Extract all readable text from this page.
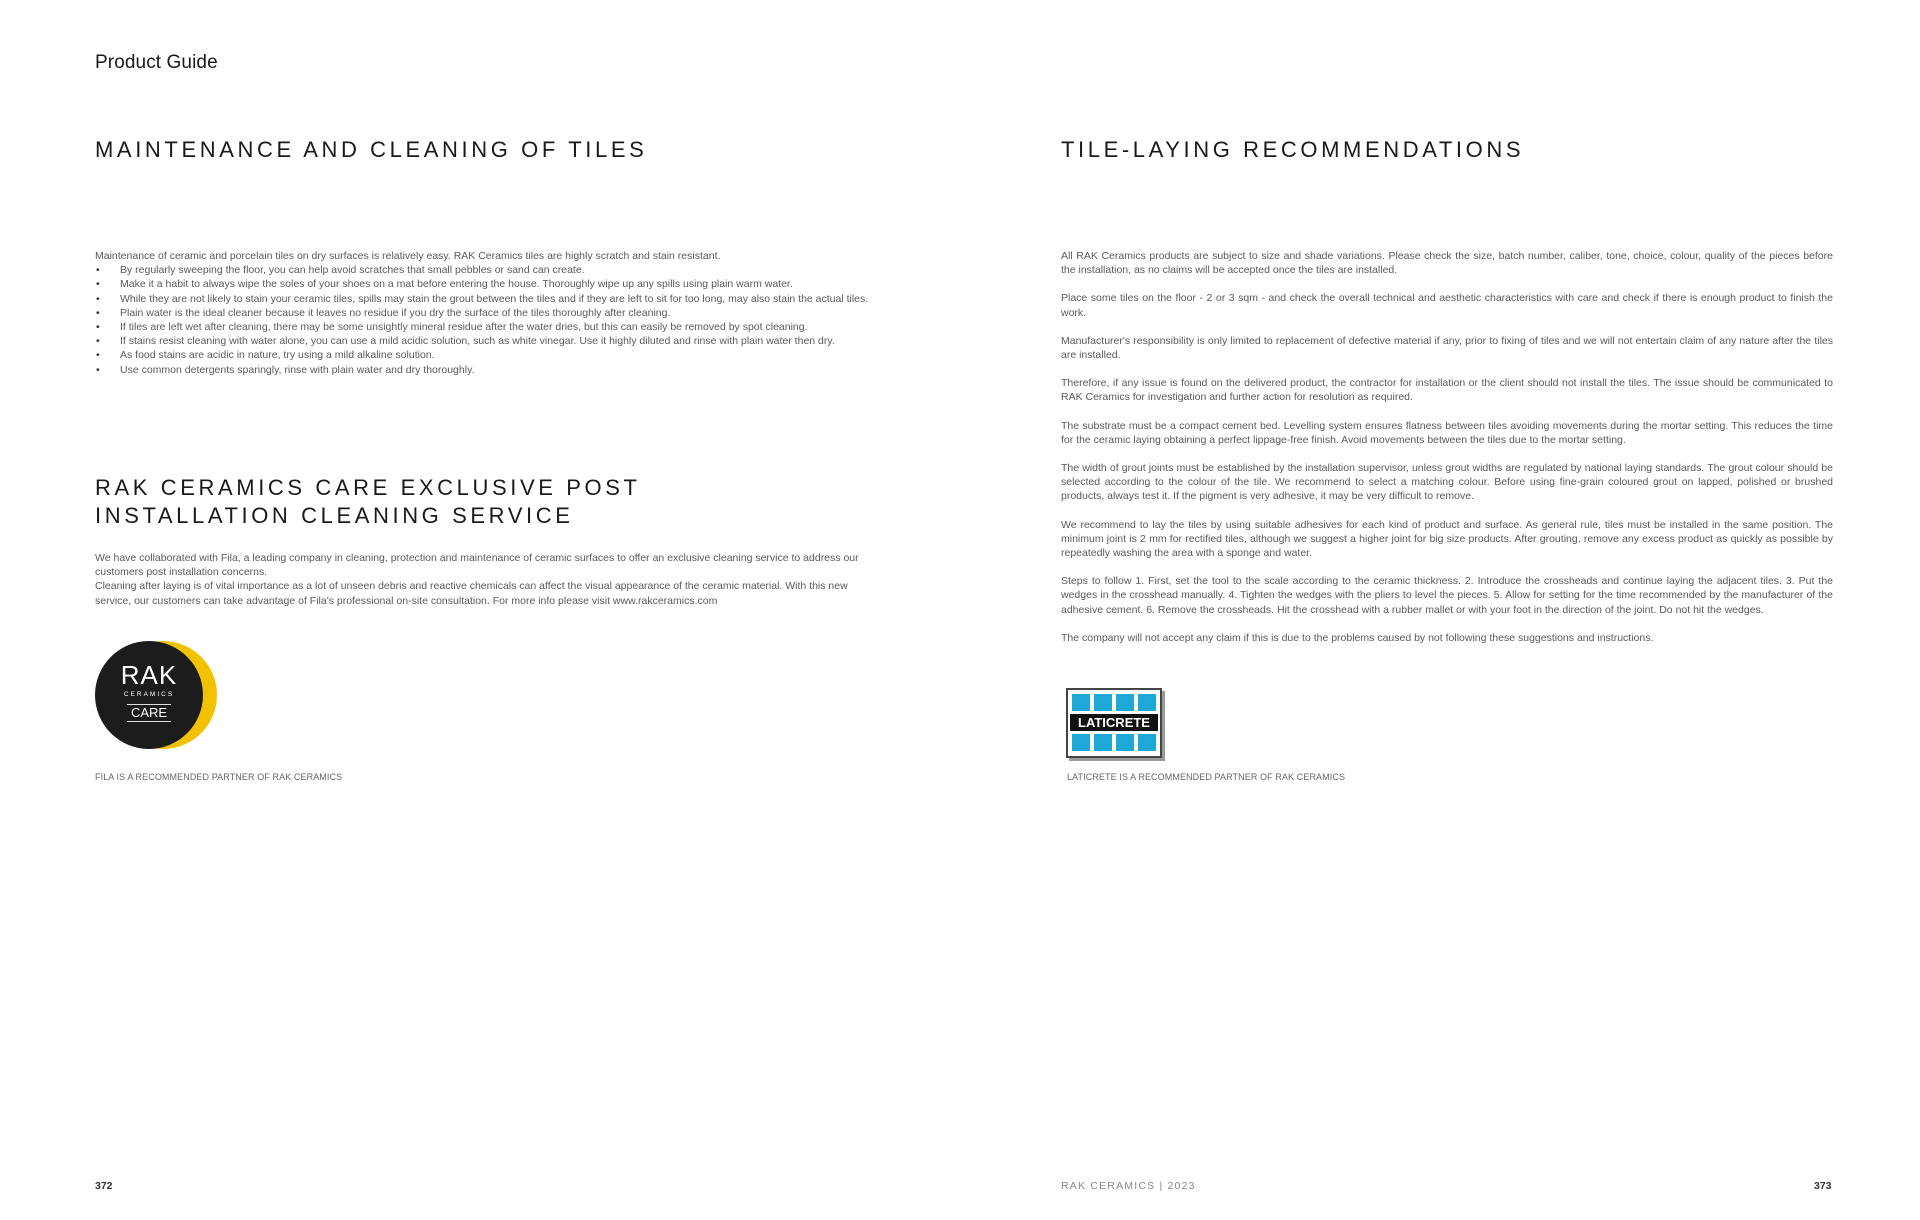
Product Guide
MAINTENANCE AND CLEANING OF TILES

Maintenance of ceramic and porcelain tiles on dry surfaces is relatively easy. RAK Ceramics tiles are highly scratch and stain resistant.

• By regularly sweeping the floor, you can help avoid scratches that small pebbles or sand can create.
• Make it a habit to always wipe the soles of your shoes on a mat before entering the house. Thoroughly wipe up any spills using plain warm water.
• While they are not likely to stain your ceramic tiles, spills may stain the grout between the tiles and if they are left to sit for too long, may also stain the actual tiles.
• Plain water is the ideal cleaner because it leaves no residue if you dry the surface of the tiles thoroughly after cleaning.
• If tiles are left wet after cleaning, there may be some unsightly mineral residue after the water dries, but this can easily be removed by spot cleaning.
• If stains resist cleaning with water alone, you can use a mild acidic solution, such as white vinegar. Use it highly diluted and rinse with plain water then dry.
• As food stains are acidic in nature, try using a mild alkaline solution.
• Use common detergents sparingly, rinse with plain water and dry thoroughly.
RAK CERAMICS CARE EXCLUSIVE POST
INSTALLATION CLEANING SERVICE

We have collaborated with Fila, a leading company in cleaning, protection and maintenance of ceramic surfaces to offer an exclusive cleaning service to address our customers post installation concerns.

Cleaning after laying is of vital importance as a lot of unseen debris and reactive chemicals can affect the visual appearance of the ceramic material. With this new service, our customers can take advantage of Fila's professional on-site consultation. For more info please visit www.rakceramics.com

RAK
CERAMICS
CARE
FILA IS A RECOMMENDED PARTNER OF RAK CERAMICS
372
TILE-LAYING RECOMMENDATIONS

All RAK Ceramics products are subject to size and shade variations. Please check the size, batch number, caliber, tone, choice, colour, quality of the pieces before the installation, as no claims will be accepted once the tiles are installed.

Place some tiles on the floor - 2 or 3 sqm - and check the overall technical and aesthetic characteristics with care and check if there is enough product to finish the work.

Manufacturer's responsibility is only limited to replacement of defective material if any, prior to fixing of tiles and we will not entertain claim of any nature after the tiles are installed.

Therefore, if any issue is found on the delivered product, the contractor for installation or the client should not install the tiles. The issue should be communicated to RAK Ceramics for investigation and further action for resolution as required.

The substrate must be a compact cement bed. Levelling system ensures flatness between tiles avoiding movements during the mortar setting. This reduces the time for the ceramic laying obtaining a perfect lippage-free finish. Avoid movements between the tiles due to the mortar setting.

The width of grout joints must be established by the installation supervisor, unless grout widths are regulated by national laying standards. The grout colour should be selected according to the colour of the tile. We recommend to select a matching colour. Before using fine-grain coloured grout on lapped, polished or brushed products, always test it. If the pigment is very adhesive, it may be very difficult to remove.

We recommend to lay the tiles by using suitable adhesives for each kind of product and surface. As general rule, tiles must be installed in the same position. The minimum joint is 2 mm for rectified tiles, although we suggest a higher joint for big size products. After grouting, remove any excess product as quickly as possible by repeatedly washing the area with a sponge and water.

Steps to follow 1. First, set the tool to the scale according to the ceramic thickness. 2. Introduce the crossheads and continue laying the adjacent tiles. 3. Put the wedges in the crosshead manually. 4. Tighten the wedges with the pliers to level the pieces. 5. Allow for setting for the time recommended by the manufacturer of the adhesive cement. 6. Remove the crossheads. Hit the crosshead with a rubber mallet or with your foot in the direction of the joint. Do not hit the wedges.

The company will not accept any claim if this is due to the problems caused by not following these suggestions and instructions.

LATICRETE
LATICRETE IS A RECOMMENDED PARTNER OF RAK CERAMICS
RAK CERAMICS | 2023	373
